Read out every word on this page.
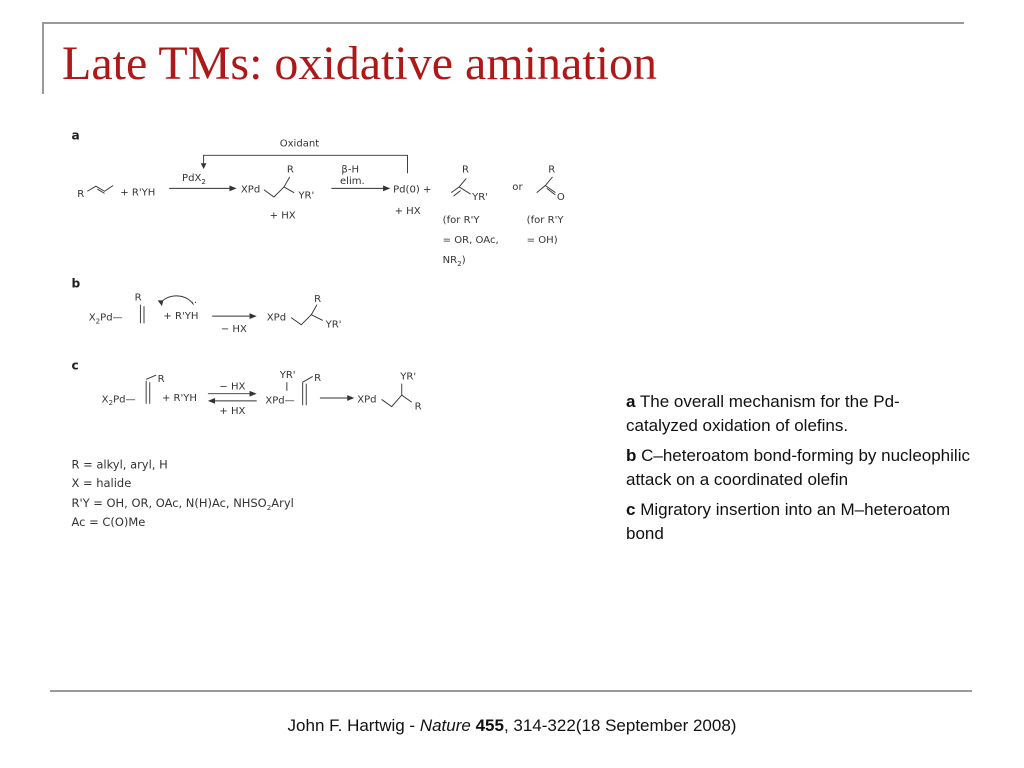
Late TMs: oxidative amination
a
Oxidant
R	+ R'YH
PdX$_2$
R
XPd
YR'
+ HX
β-H
elim.
Pd(0) +
+ HX
R
YR'
or
R
O
(for R'Y
= OR, OAc,
$NR_2$)
(for R'Y
= OH)
b
R
$X_2Pd—$
··
+ R'YH
− HX
XPd
R
YR'
c
R
$X_2Pd— + R'YH$
− HX
+ HX
YR'
XPd—
R
XPd
YR'
R
R = alkyl, aryl, H
X = halide
R'Y = OH, OR, OAc, N(H)Ac, $NHSO_2Aryl$
Ac = C(O)Me

a The overall mechanism for the Pd-catalyzed oxidation of olefins.

b C–heteroatom bond-forming by nucleophilic attack on a coordinated olefin

c Migratory insertion into an M–heteroatom bond

John F. Hartwig - Nature 455, 314-322(18 September 2008)
